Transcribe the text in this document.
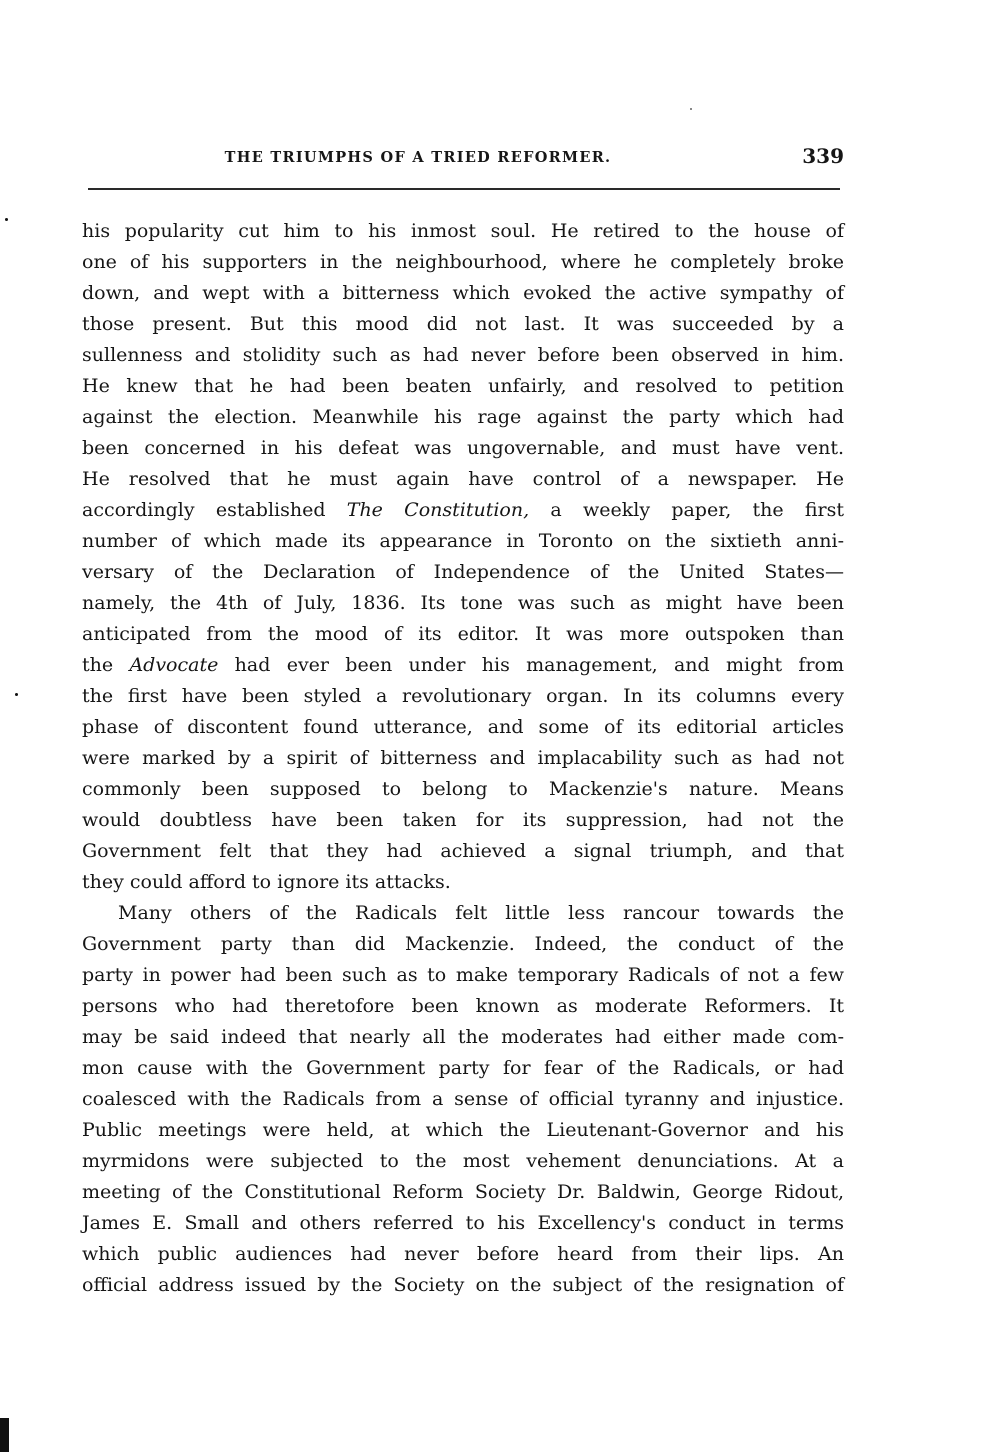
THE TRIUMPHS OF A TRIED REFORMER.	339
his popularity cut him to his inmost soul. He retired to the house of
one of his supporters in the neighbourhood, where he completely broke
down, and wept with a bitterness which evoked the active sympathy of
those present. But this mood did not last. It was succeeded by a
sullenness and stolidity such as had never before been observed in him.
He knew that he had been beaten unfairly, and resolved to petition
against the election. Meanwhile his rage against the party which had
been concerned in his defeat was ungovernable, and must have vent.
He resolved that he must again have control of a newspaper. He
accordingly established The Constitution, a weekly paper, the first
number of which made its appearance in Toronto on the sixtieth anni-
versary of the Declaration of Independence of the United States—
namely, the 4th of July, 1836. Its tone was such as might have been
anticipated from the mood of its editor. It was more outspoken than
the Advocate had ever been under his management, and might from
the first have been styled a revolutionary organ. In its columns every
phase of discontent found utterance, and some of its editorial articles
were marked by a spirit of bitterness and implacability such as had not
commonly been supposed to belong to Mackenzie's nature. Means
would doubtless have been taken for its suppression, had not the
Government felt that they had achieved a signal triumph, and that
they could afford to ignore its attacks.
Many others of the Radicals felt little less rancour towards the
Government party than did Mackenzie. Indeed, the conduct of the
party in power had been such as to make temporary Radicals of not a few
persons who had theretofore been known as moderate Reformers. It
may be said indeed that nearly all the moderates had either made com-
mon cause with the Government party for fear of the Radicals, or had
coalesced with the Radicals from a sense of official tyranny and injustice.
Public meetings were held, at which the Lieutenant-Governor and his
myrmidons were subjected to the most vehement denunciations. At a
meeting of the Constitutional Reform Society Dr. Baldwin, George Ridout,
James E. Small and others referred to his Excellency's conduct in terms
which public audiences had never before heard from their lips. An
official address issued by the Society on the subject of the resignation of
